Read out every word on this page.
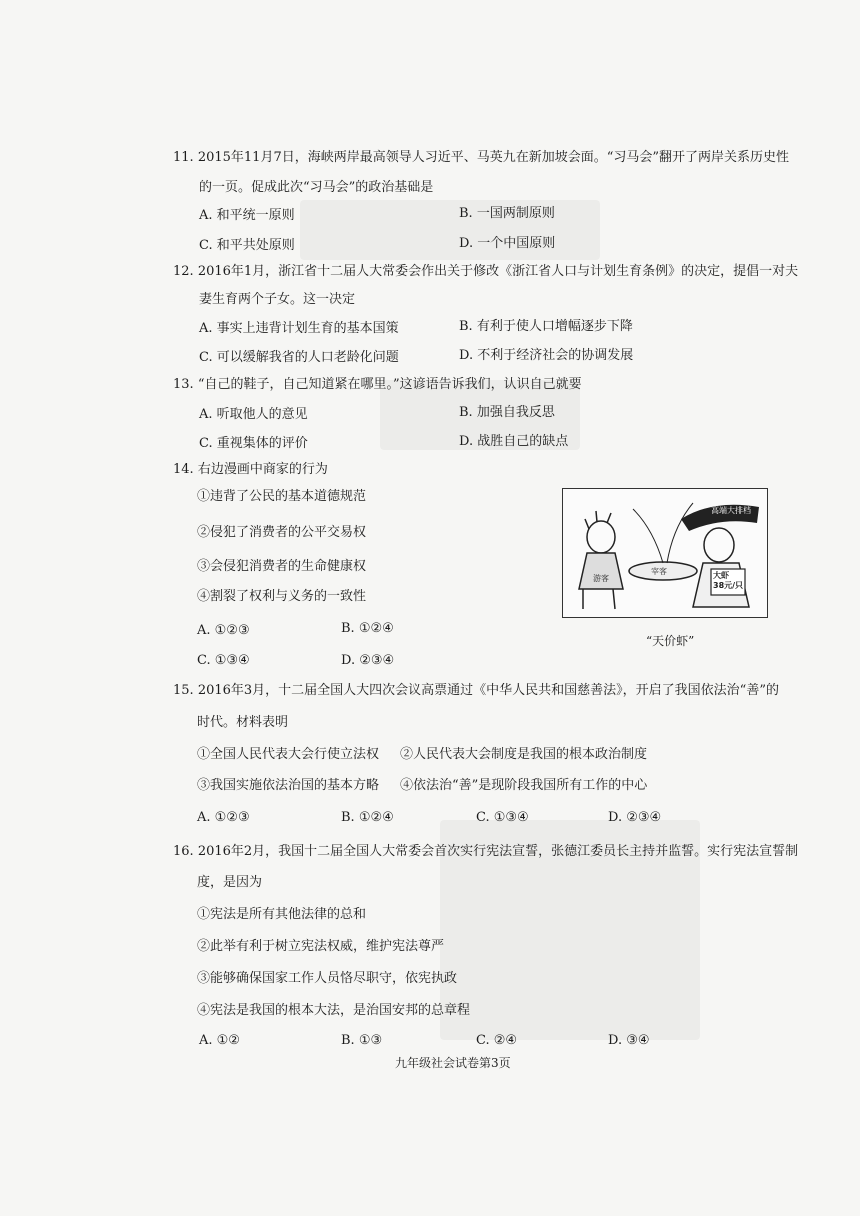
11. 2015年11月7日，海峡两岸最高领导人习近平、马英九在新加坡会面。“习马会”翻开了两岸关系历史性
的一页。促成此次“习马会”的政治基础是
A. 和平统一原则	B. 一国两制原则
C. 和平共处原则	D. 一个中国原则
12. 2016年1月，浙江省十二届人大常委会作出关于修改《浙江省人口与计划生育条例》的决定，提倡一对夫
妻生育两个子女。这一决定
A. 事实上违背计划生育的基本国策	B. 有利于使人口增幅逐步下降
C. 可以缓解我省的人口老龄化问题	D. 不利于经济社会的协调发展
13. “自己的鞋子，自己知道紧在哪里。”这谚语告诉我们，认识自己就要
A. 听取他人的意见	B. 加强自我反思
C. 重视集体的评价	D. 战胜自己的缺点
14. 右边漫画中商家的行为
①违背了公民的基本道德规范
②侵犯了消费者的公平交易权
③会侵犯消费者的生命健康权
④割裂了权利与义务的一致性
A. ①②③	B. ①②④
C. ①③④	D. ②③④
高端大排档
游客
宰客	大虾
38元/只
“天价虾”
15. 2016年3月，十二届全国人大四次会议高票通过《中华人民共和国慈善法》，开启了我国依法治“善”的
时代。材料表明
①全国人民代表大会行使立法权 ②人民代表大会制度是我国的根本政治制度
③我国实施依法治国的基本方略 ④依法治“善”是现阶段我国所有工作的中心
A. ①②③	B. ①②④	C. ①③④	D. ②③④
16. 2016年2月，我国十二届全国人大常委会首次实行宪法宣誓，张德江委员长主持并监誓。实行宪法宣誓制
度，是因为
①宪法是所有其他法律的总和
②此举有利于树立宪法权威，维护宪法尊严
③能够确保国家工作人员恪尽职守，依宪执政
④宪法是我国的根本大法，是治国安邦的总章程
A. ①②	B. ①③	C. ②④	D. ③④
九年级社会试卷第3页
